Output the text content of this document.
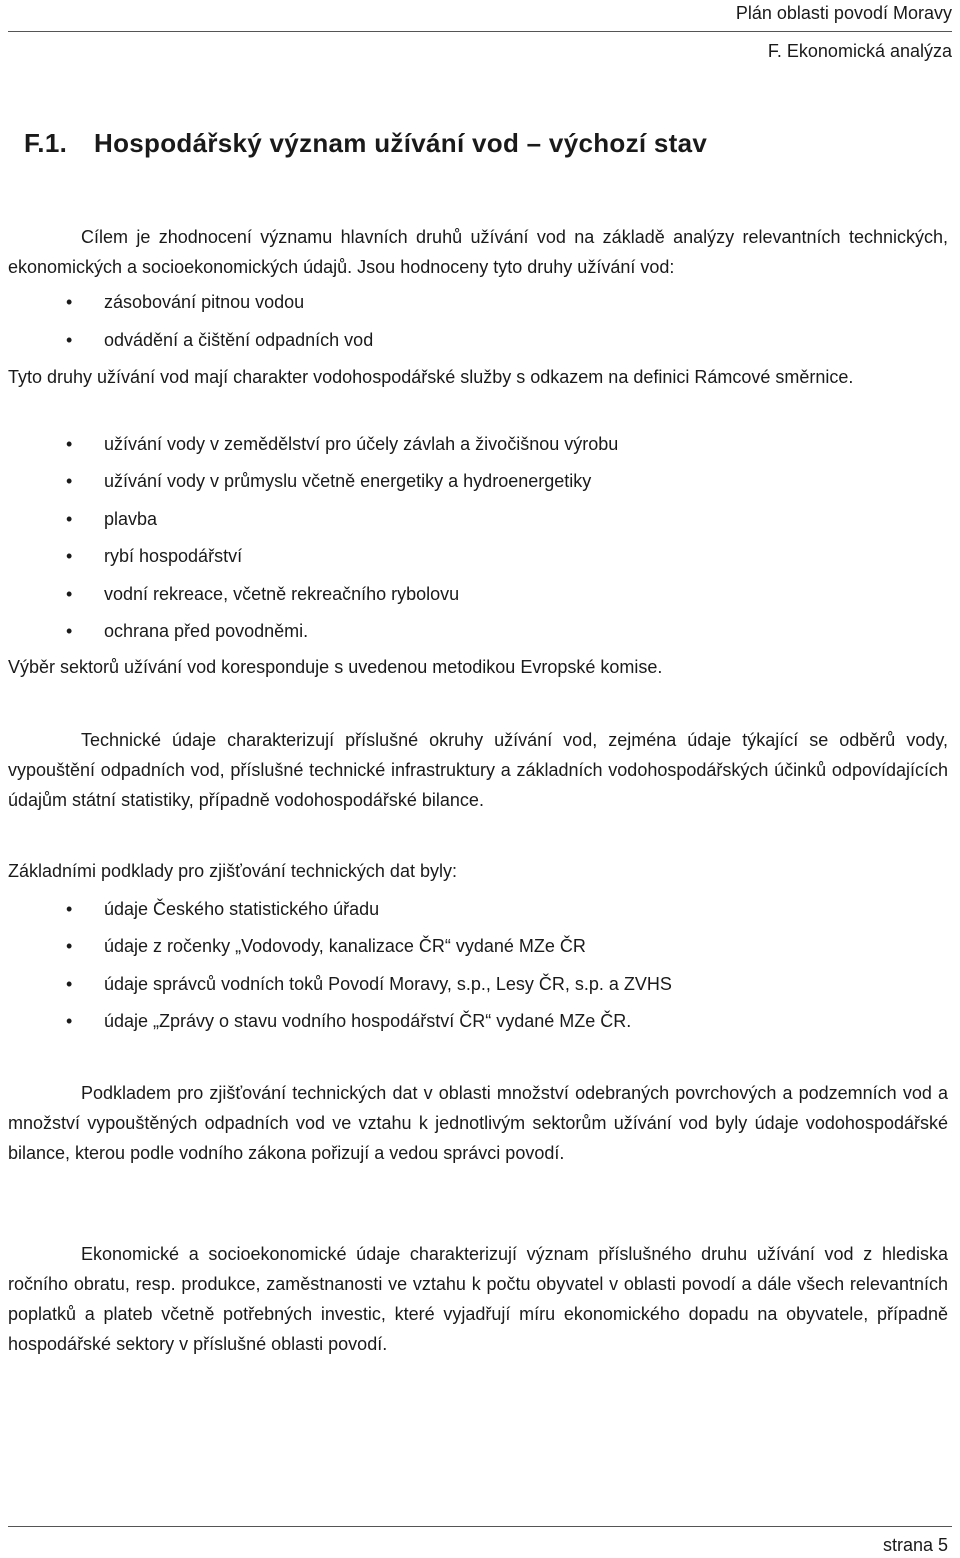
Plán oblasti povodí Moravy
F. Ekonomická analýza
F.1. Hospodářský význam užívání vod – výchozí stav

Cílem je zhodnocení významu hlavních druhů užívání vod na základě analýzy relevantních technických, ekonomických a socioekonomických údajů. Jsou hodnoceny tyto druhy užívání vod:

• zásobování pitnou vodou
• odvádění a čištění odpadních vod

Tyto druhy užívání vod mají charakter vodohospodářské služby s odkazem na definici Rámcové směrnice.

• užívání vody v zemědělství pro účely závlah a živočišnou výrobu
• užívání vody v průmyslu včetně energetiky a hydroenergetiky
• plavba
• rybí hospodářství
• vodní rekreace, včetně rekreačního rybolovu
• ochrana před povodněmi.

Výběr sektorů užívání vod koresponduje s uvedenou metodikou Evropské komise.

Technické údaje charakterizují příslušné okruhy užívání vod, zejména údaje týkající se odběrů vody, vypouštění odpadních vod, příslušné technické infrastruktury a základních vodohospodářských účinků odpovídajících údajům státní statistiky, případně vodohospodářské bilance.

Základními podklady pro zjišťování technických dat byly:

• údaje Českého statistického úřadu
• údaje z ročenky „Vodovody, kanalizace ČR“ vydané MZe ČR
• údaje správců vodních toků Povodí Moravy, s.p., Lesy ČR, s.p. a ZVHS
• údaje „Zprávy o stavu vodního hospodářství ČR“ vydané MZe ČR.

Podkladem pro zjišťování technických dat v oblasti množství odebraných povrchových a podzemních vod a množství vypouštěných odpadních vod ve vztahu k jednotlivým sektorům užívání vod byly údaje vodohospodářské bilance, kterou podle vodního zákona pořizují a vedou správci povodí.

Ekonomické a socioekonomické údaje charakterizují význam příslušného druhu užívání vod z hlediska ročního obratu, resp. produkce, zaměstnanosti ve vztahu k počtu obyvatel v oblasti povodí a dále všech relevantních poplatků a plateb včetně potřebných investic, které vyjadřují míru ekonomického dopadu na obyvatele, případně hospodářské sektory v příslušné oblasti povodí.

strana 5
